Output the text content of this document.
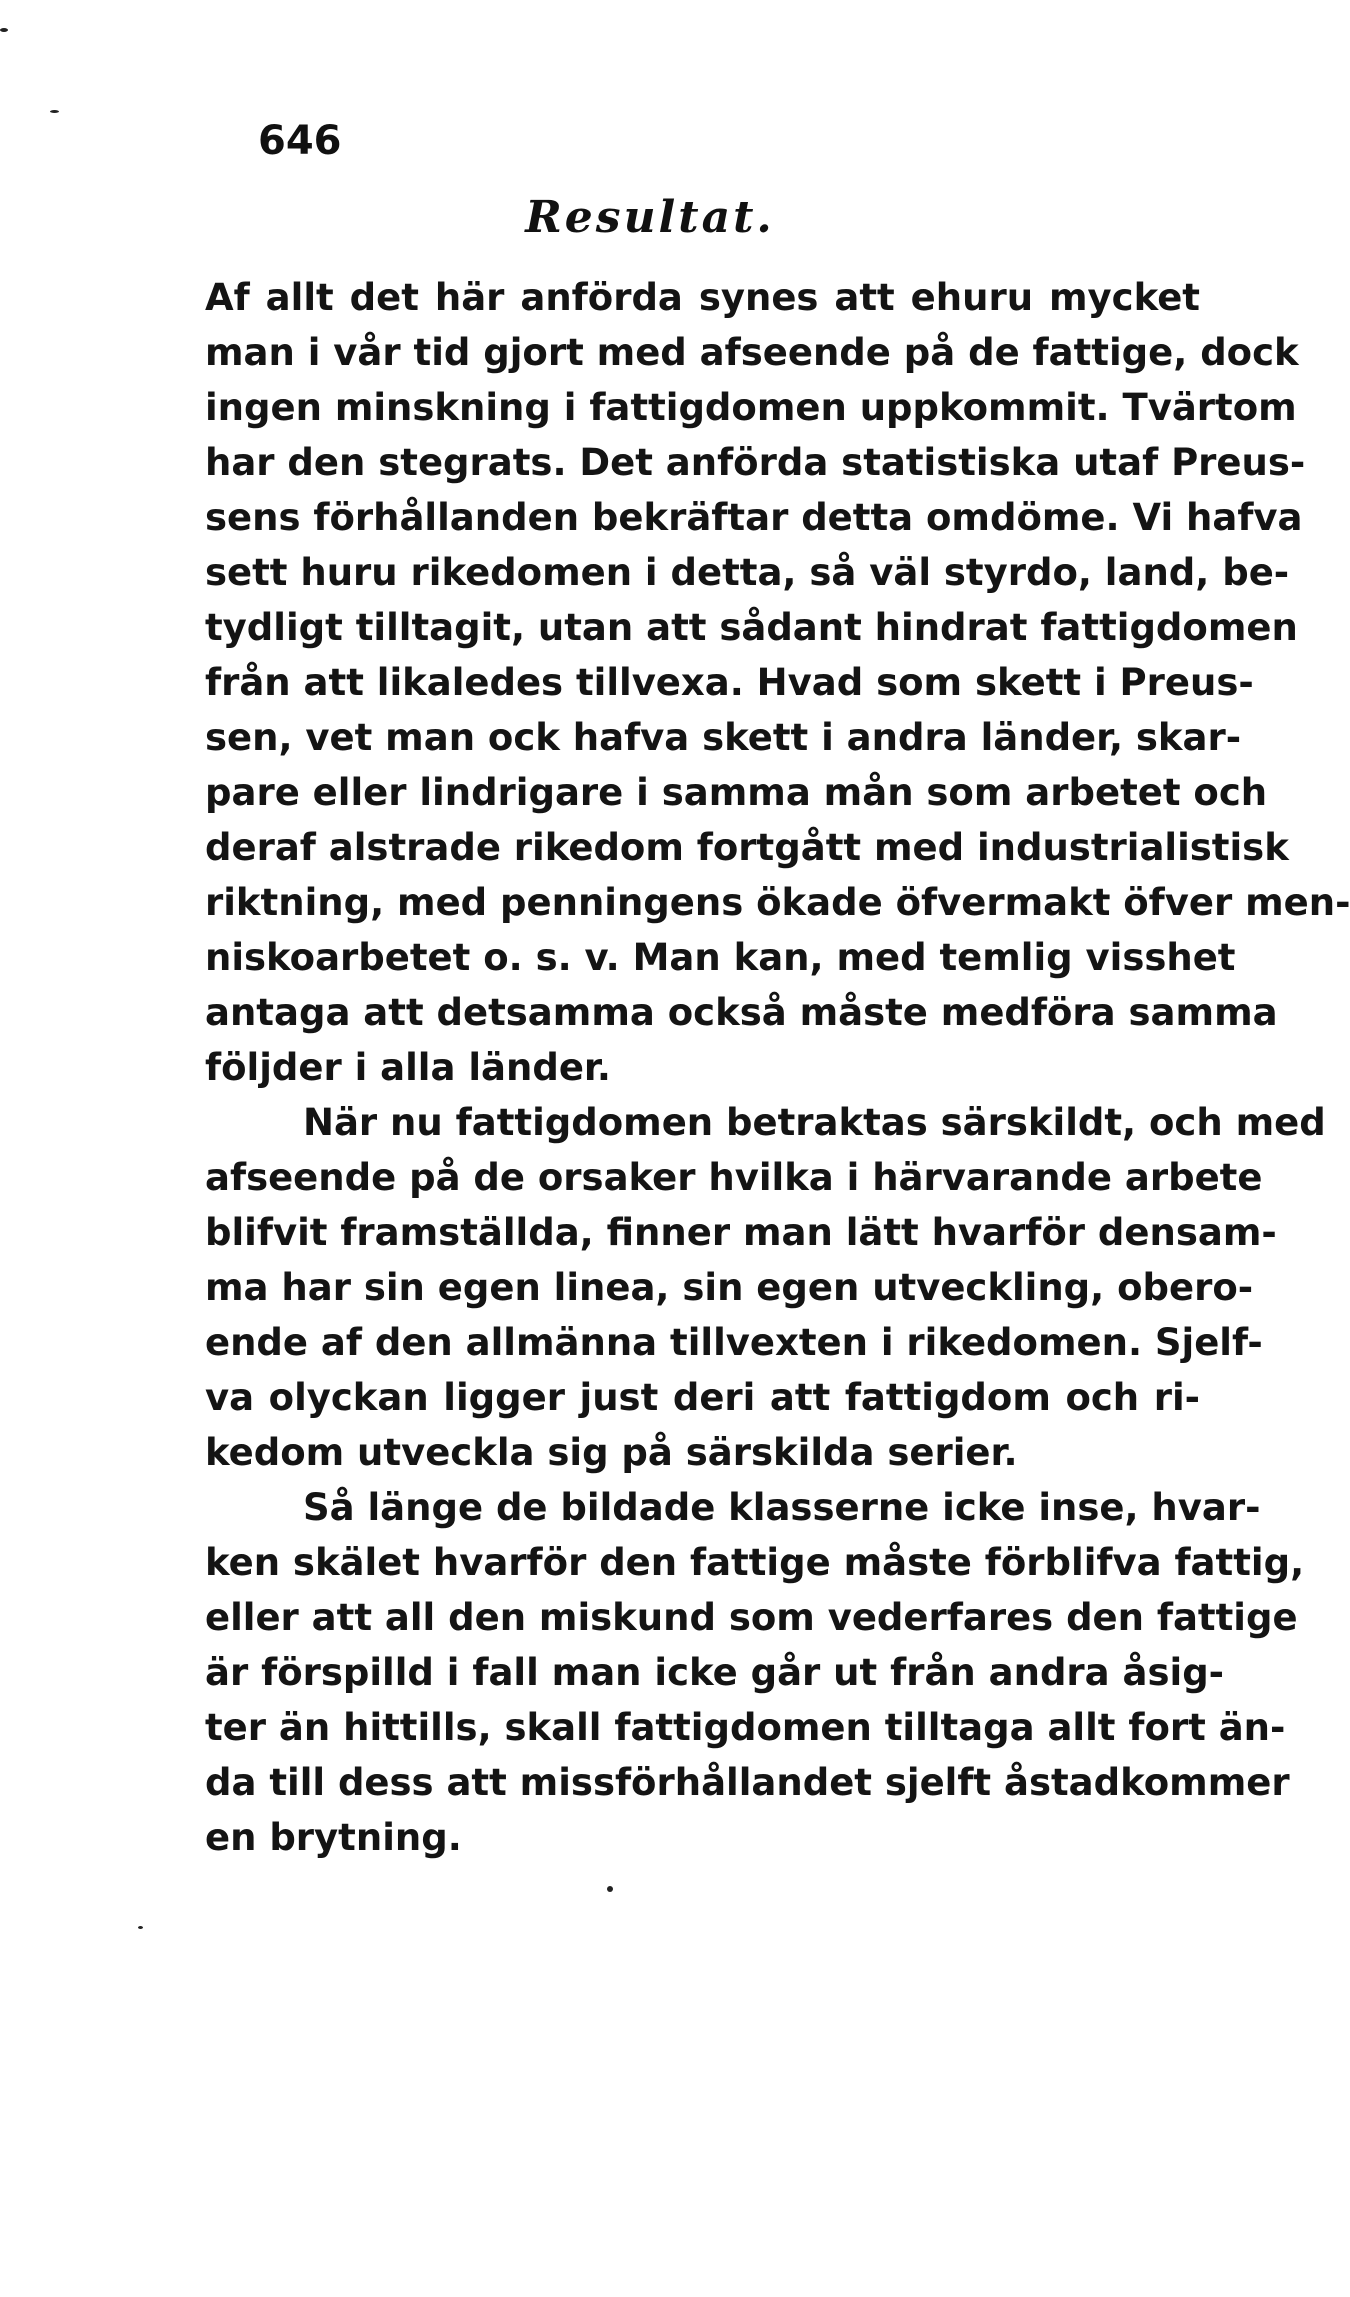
646
Resultat.
Af allt det här anförda synes att ehuru mycket
man i vår tid gjort med afseende på de fattige, dock
ingen minskning i fattigdomen uppkommit. Tvärtom
har den stegrats. Det anförda statistiska utaf Preus-
sens förhållanden bekräftar detta omdöme. Vi hafva
sett huru rikedomen i detta, så väl styrdo, land, be-
tydligt tilltagit, utan att sådant hindrat fattigdomen
från att likaledes tillvexa. Hvad som skett i Preus-
sen, vet man ock hafva skett i andra länder, skar-
pare eller lindrigare i samma mån som arbetet och
deraf alstrade rikedom fortgått med industrialistisk
riktning, med penningens ökade öfvermakt öfver men-
niskoarbetet o. s. v. Man kan, med temlig visshet
antaga att detsamma också måste medföra samma
följder i alla länder.
När nu fattigdomen betraktas särskildt, och med
afseende på de orsaker hvilka i härvarande arbete
blifvit framställda, finner man lätt hvarför densam-
ma har sin egen linea, sin egen utveckling, obero-
ende af den allmänna tillvexten i rikedomen. Sjelf-
va olyckan ligger just deri att fattigdom och ri-
kedom utveckla sig på särskilda serier.
Så länge de bildade klasserne icke inse, hvar-
ken skälet hvarför den fattige måste förblifva fattig,
eller att all den miskund som vederfares den fattige
är förspilld i fall man icke går ut från andra åsig-
ter än hittills, skall fattigdomen tilltaga allt fort än-
da till dess att missförhållandet sjelft åstadkommer
en brytning.
